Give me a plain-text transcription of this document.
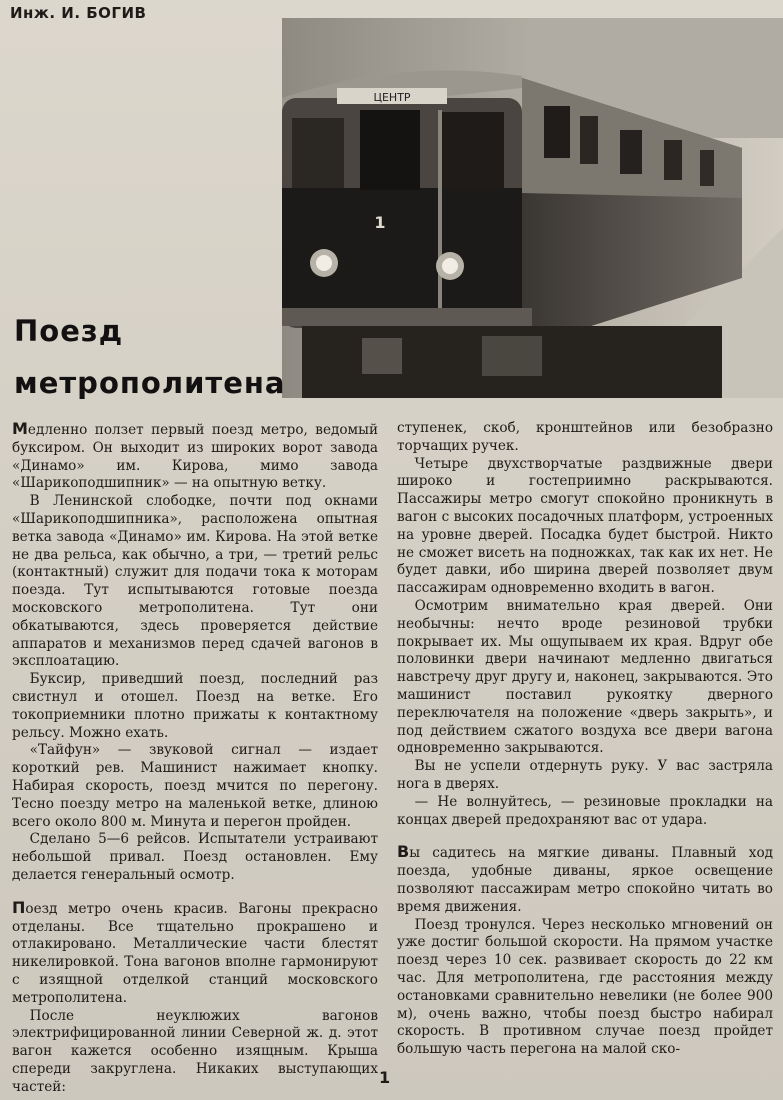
Инж. И. БОГИВ
ЦЕНТР
1
Поезд
метрополитена

Медленно ползет первый поезд метро, ведомый буксиром. Он выходит из широких ворот завода «Динамо» им. Кирова, мимо завода «Шарикоподшипник» — на опытную ветку.

В Ленинской слободке, почти под окнами «Шарикоподшипника», расположена опытная ветка завода «Динамо» им. Кирова. На этой ветке не два рельса, как обычно, а три, — третий рельс (контактный) служит для подачи тока к моторам поезда. Тут испытываются готовые поезда московского метрополитена. Тут они обкатываются, здесь проверяется действие аппаратов и механизмов перед сдачей вагонов в эксплоатацию.

Буксир, приведший поезд, последний раз свистнул и отошел. Поезд на ветке. Его токоприемники плотно прижаты к контактному рельсу. Можно ехать.

«Тайфун» — звуковой сигнал — издает короткий рев. Машинист нажимает кнопку. Набирая скорость, поезд мчится по перегону. Тесно поезду метро на маленькой ветке, длиною всего около 800 м. Минута и перегон пройден.

Сделано 5—6 рейсов. Испытатели устраивают небольшой привал. Поезд остановлен. Ему делается генеральный осмотр.

Поезд метро очень красив. Вагоны прекрасно отделаны. Все тщательно прокрашено и отлакировано. Металлические части блестят никелировкой. Тона вагонов вполне гармонируют с изящной отделкой станций московского метрополитена.

После неуклюжих вагонов электрифицированной линии Северной ж. д. этот вагон кажется особенно изящным. Крыша спереди закруглена. Никаких выступающих частей:

ступенек, скоб, кронштейнов или безобразно торчащих ручек.

Четыре двухстворчатые раздвижные двери широко и гостеприимно раскрываются. Пассажиры метро смогут спокойно проникнуть в вагон с высоких посадочных платформ, устроенных на уровне дверей. Посадка будет быстрой. Никто не сможет висеть на подножках, так как их нет. Не будет давки, ибо ширина дверей позволяет двум пассажирам одновременно входить в вагон.

Осмотрим внимательно края дверей. Они необычны: нечто вроде резиновой трубки покрывает их. Мы ощупываем их края. Вдруг обе половинки двери начинают медленно двигаться навстречу друг другу и, наконец, закрываются. Это машинист поставил рукоятку дверного переключателя на положение «дверь закрыть», и под действием сжатого воздуха все двери вагона одновременно закрываются.

Вы не успели отдернуть руку. У вас застряла нога в дверях.

— Не волнуйтесь, — резиновые прокладки на концах дверей предохраняют вас от удара.

Вы садитесь на мягкие диваны. Плавный ход поезда, удобные диваны, яркое освещение позволяют пассажирам метро спокойно читать во время движения.

Поезд тронулся. Через несколько мгновений он уже достиг большой скорости. На прямом участке поезд через 10 сек. развивает скорость до 22 км час. Для метрополитена, где расстояния между остановками сравнительно невелики (не более 900 м), очень важно, чтобы поезд быстро набирал скорость. В противном случае поезд пройдет большую часть перегона на малой ско-

1
